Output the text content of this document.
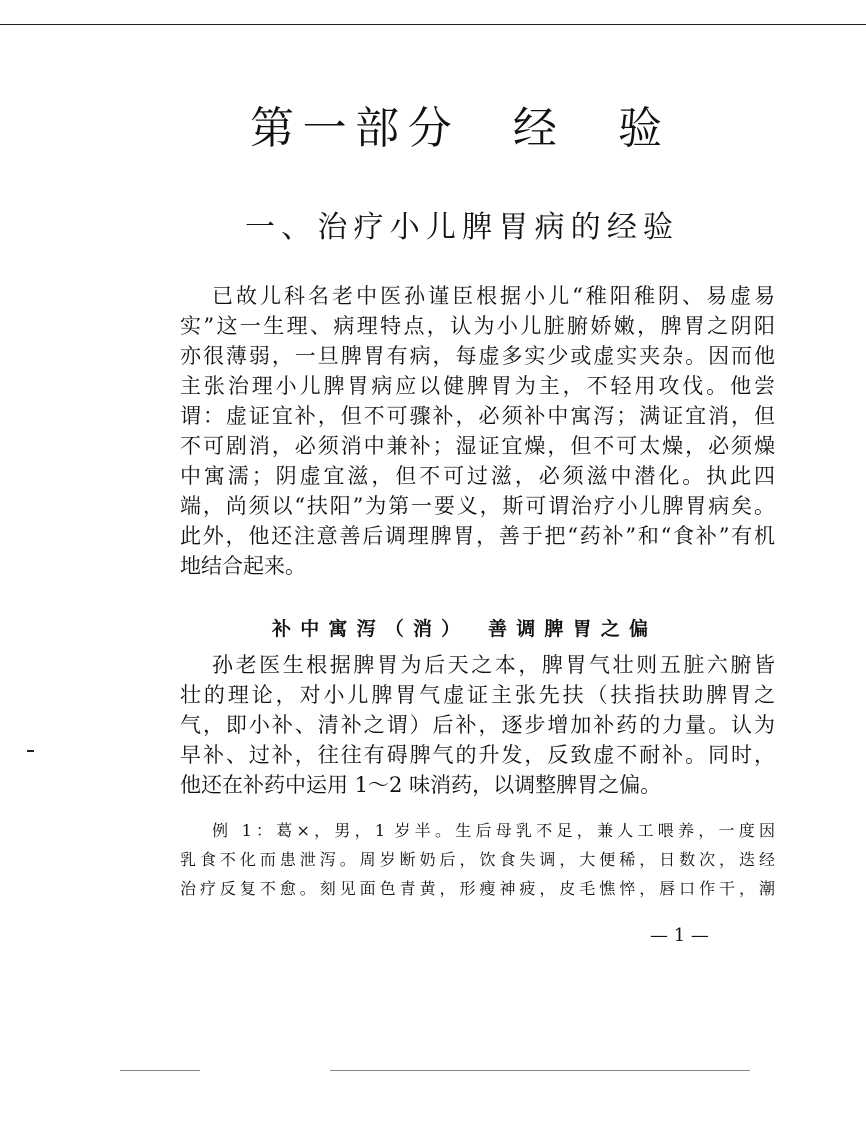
第一部分　经　验
一、治疗小儿脾胃病的经验
已故儿科名老中医孙谨臣根据小儿“稚阳稚阴、易虚易
实”这一生理、病理特点，认为小儿脏腑娇嫩，脾胃之阴阳
亦很薄弱，一旦脾胃有病，每虚多实少或虚实夹杂。因而他
主张治理小儿脾胃病应以健脾胃为主，不轻用攻伐。他尝
谓：虚证宜补，但不可骤补，必须补中寓泻；满证宜消，但
不可剧消，必须消中兼补；湿证宜燥，但不可太燥，必须燥
中寓濡；阴虚宜滋，但不可过滋，必须滋中潜化。执此四
端，尚须以“扶阳”为第一要义，斯可谓治疗小儿脾胃病矣。
此外，他还注意善后调理脾胃，善于把“药补”和“食补”有机
地结合起来。
补中寓泻（消）　善调脾胃之偏
孙老医生根据脾胃为后天之本，脾胃气壮则五脏六腑皆
壮的理论，对小儿脾胃气虚证主张先扶（扶指扶助脾胃之
气，即小补、清补之谓）后补，逐步增加补药的力量。认为
早补、过补，往往有碍脾气的升发，反致虚不耐补。同时，
他还在补药中运用 1～2 味消药，以调整脾胃之偏。
例 1：葛×，男，1 岁半。生后母乳不足，兼人工喂养，一度因
乳食不化而患泄泻。周岁断奶后，饮食失调，大便稀，日数次，迭经
治疗反复不愈。刻见面色青黄，形瘦神疲，皮毛憔悴，唇口作干，潮
— 1 —
